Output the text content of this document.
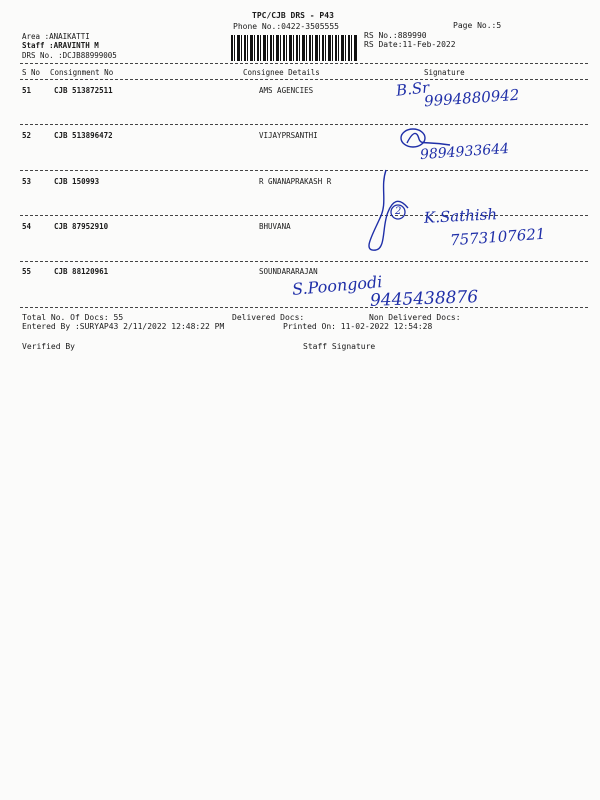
TPC/CJB DRS - P43
Phone No.:0422-3505555	Page No.:5
RS No.:889990
RS Date:11-Feb-2022
Area :ANAIKATTI
Staff :ARAVINTH M
DRS No. :DCJB88999005
S No Consignment No	Consignee Details	Signature
51	CJB 513872511	AMS AGENCIES
52	CJB 513896472	VIJAYPRSANTHI
53	CJB 150993	R GNANAPRAKASH R
54	CJB 87952910	BHUVANA
55	CJB 88120961	SOUNDARARAJAN
B.Sr
9994880942
9894933644
2 K.Sathish
7573107621
S.Poongodi
9445438876
Total No. Of Docs: 55	Delivered Docs:	Non Delivered Docs:
Entered By :SURYAP43 2/11/2022 12:48:22 PM	Printed On: 11-02-2022 12:54:28
Verified By	Staff Signature
